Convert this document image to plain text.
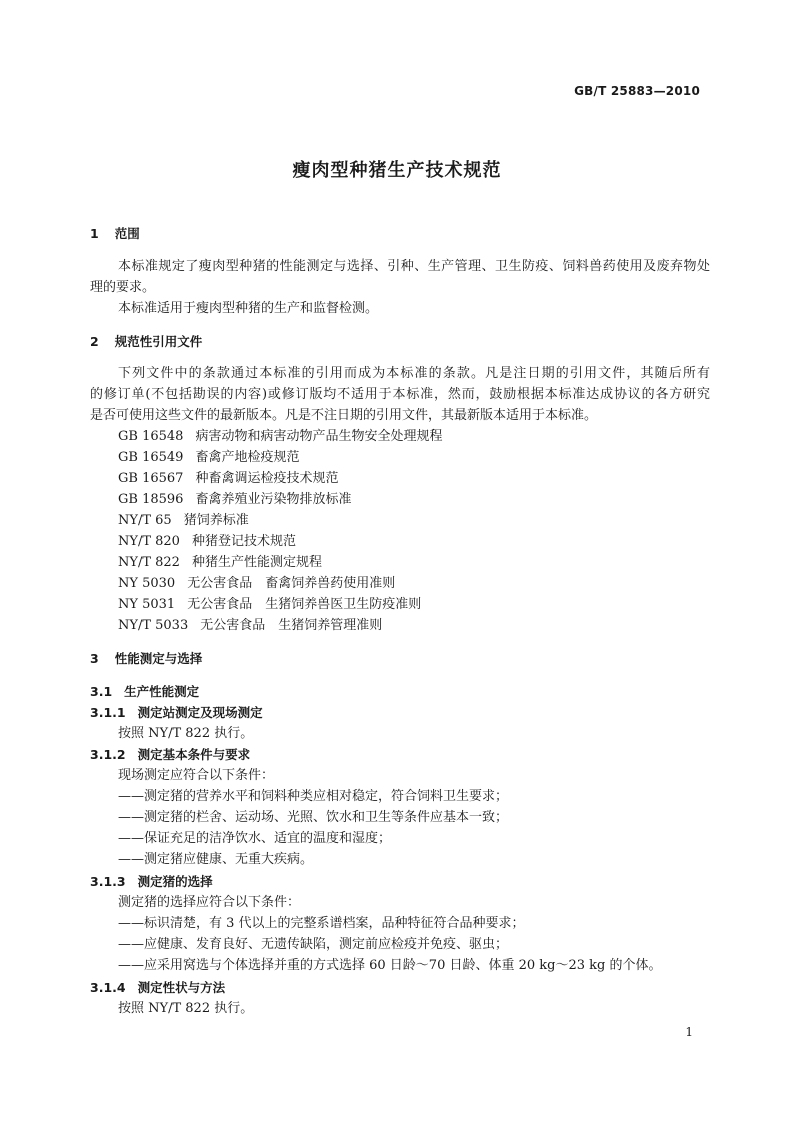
GB/T 25883—2010
瘦肉型种猪生产技术规范
1 范围
本标准规定了瘦肉型种猪的性能测定与选择、引种、生产管理、卫生防疫、饲料兽药使用及废弃物处
理的要求。
本标准适用于瘦肉型种猪的生产和监督检测。
2 规范性引用文件
下列文件中的条款通过本标准的引用而成为本标准的条款。凡是注日期的引用文件，其随后所有
的修订单(不包括勘误的内容)或修订版均不适用于本标准，然而，鼓励根据本标准达成协议的各方研究
是否可使用这些文件的最新版本。凡是不注日期的引用文件，其最新版本适用于本标准。
GB 16548 病害动物和病害动物产品生物安全处理规程
GB 16549 畜禽产地检疫规范
GB 16567 种畜禽调运检疫技术规范
GB 18596 畜禽养殖业污染物排放标准
NY/T 65 猪饲养标准
NY/T 820 种猪登记技术规范
NY/T 822 种猪生产性能测定规程
NY 5030 无公害食品　畜禽饲养兽药使用准则
NY 5031 无公害食品　生猪饲养兽医卫生防疫准则
NY/T 5033 无公害食品　生猪饲养管理准则
3 性能测定与选择
3.1 生产性能测定
3.1.1 测定站测定及现场测定
按照 NY/T 822 执行。
3.1.2 测定基本条件与要求
现场测定应符合以下条件：
——测定猪的营养水平和饲料种类应相对稳定，符合饲料卫生要求；
——测定猪的栏舍、运动场、光照、饮水和卫生等条件应基本一致；
——保证充足的洁净饮水、适宜的温度和湿度；
——测定猪应健康、无重大疾病。
3.1.3 测定猪的选择
测定猪的选择应符合以下条件：
——标识清楚，有 3 代以上的完整系谱档案，品种特征符合品种要求；
——应健康、发育良好、无遗传缺陷，测定前应检疫并免疫、驱虫；
——应采用窝选与个体选择并重的方式选择 60 日龄～70 日龄、体重 20 kg～23 kg 的个体。
3.1.4 测定性状与方法
按照 NY/T 822 执行。
1
